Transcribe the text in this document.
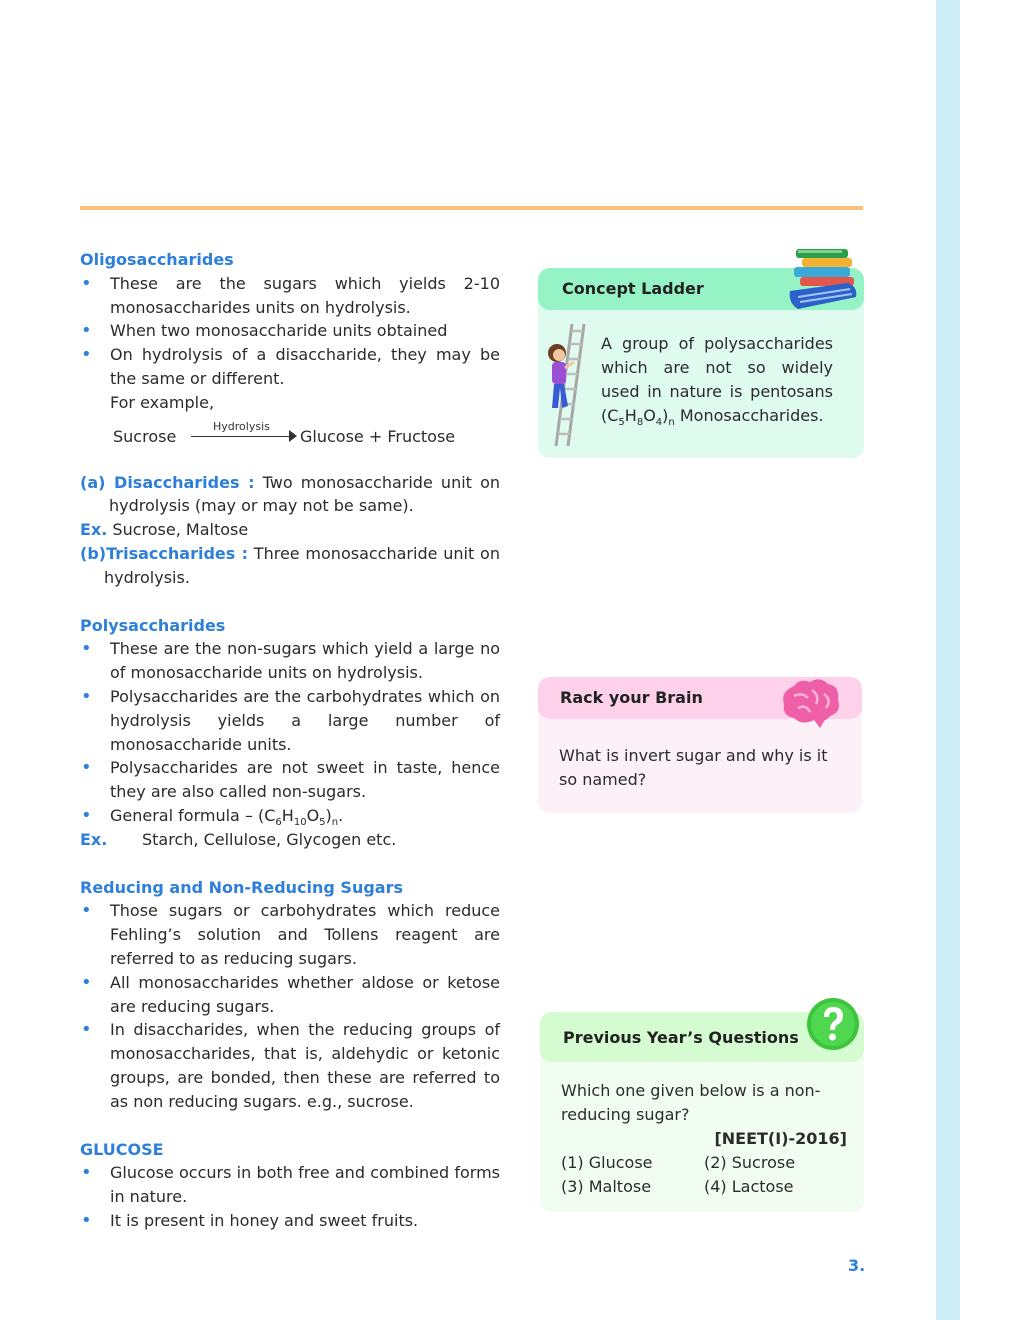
Oligosaccharides
• These are the sugars which yields 2-10 monosaccharides units on hydrolysis.
• When two monosaccharide units obtained
• On hydrolysis of a disaccharide, they may be the same or different.
For example,
Sucrose
Hydrolysis
Glucose + Fructose

(a) Disaccharides : Two monosaccharide unit on hydrolysis (may or may not be same).

Ex. Sucrose, Maltose

(b)Trisaccharides : Three monosaccharide unit on hydrolysis.

Polysaccharides
• These are the non-sugars which yield a large no of monosaccharide units on hydrolysis.
• Polysaccharides are the carbohydrates which on hydrolysis yields a large number of monosaccharide units.
• Polysaccharides are not sweet in taste, hence they are also called non-sugars.
• General formula – $(C_6H_{10}O_5)_n$.

Ex. Starch, Cellulose, Glycogen etc.

Reducing and Non-Reducing Sugars
• Those sugars or carbohydrates which reduce Fehling’s solution and Tollens reagent are referred to as reducing sugars.
• All monosaccharides whether aldose or ketose are reducing sugars.
• In disaccharides, when the reducing groups of monosaccharides, that is, aldehydic or ketonic groups, are bonded, then these are referred to as non reducing sugars. e.g., sucrose.
GLUCOSE
• Glucose occurs in both free and combined forms in nature.
• It is present in honey and sweet fruits.
Concept Ladder
A group of polysaccharides which are not so widely used in nature is pentosans $(C_5H_8O_4)_n$ Monosaccharides.
Rack your Brain
What is invert sugar and why is it so named?
Previous Year’s Questions

Which one given below is a non-reducing sugar?

[NEET(I)-2016]

(1) Glucose	(2) Sucrose
(3) Maltose	(4) Lactose
3.
